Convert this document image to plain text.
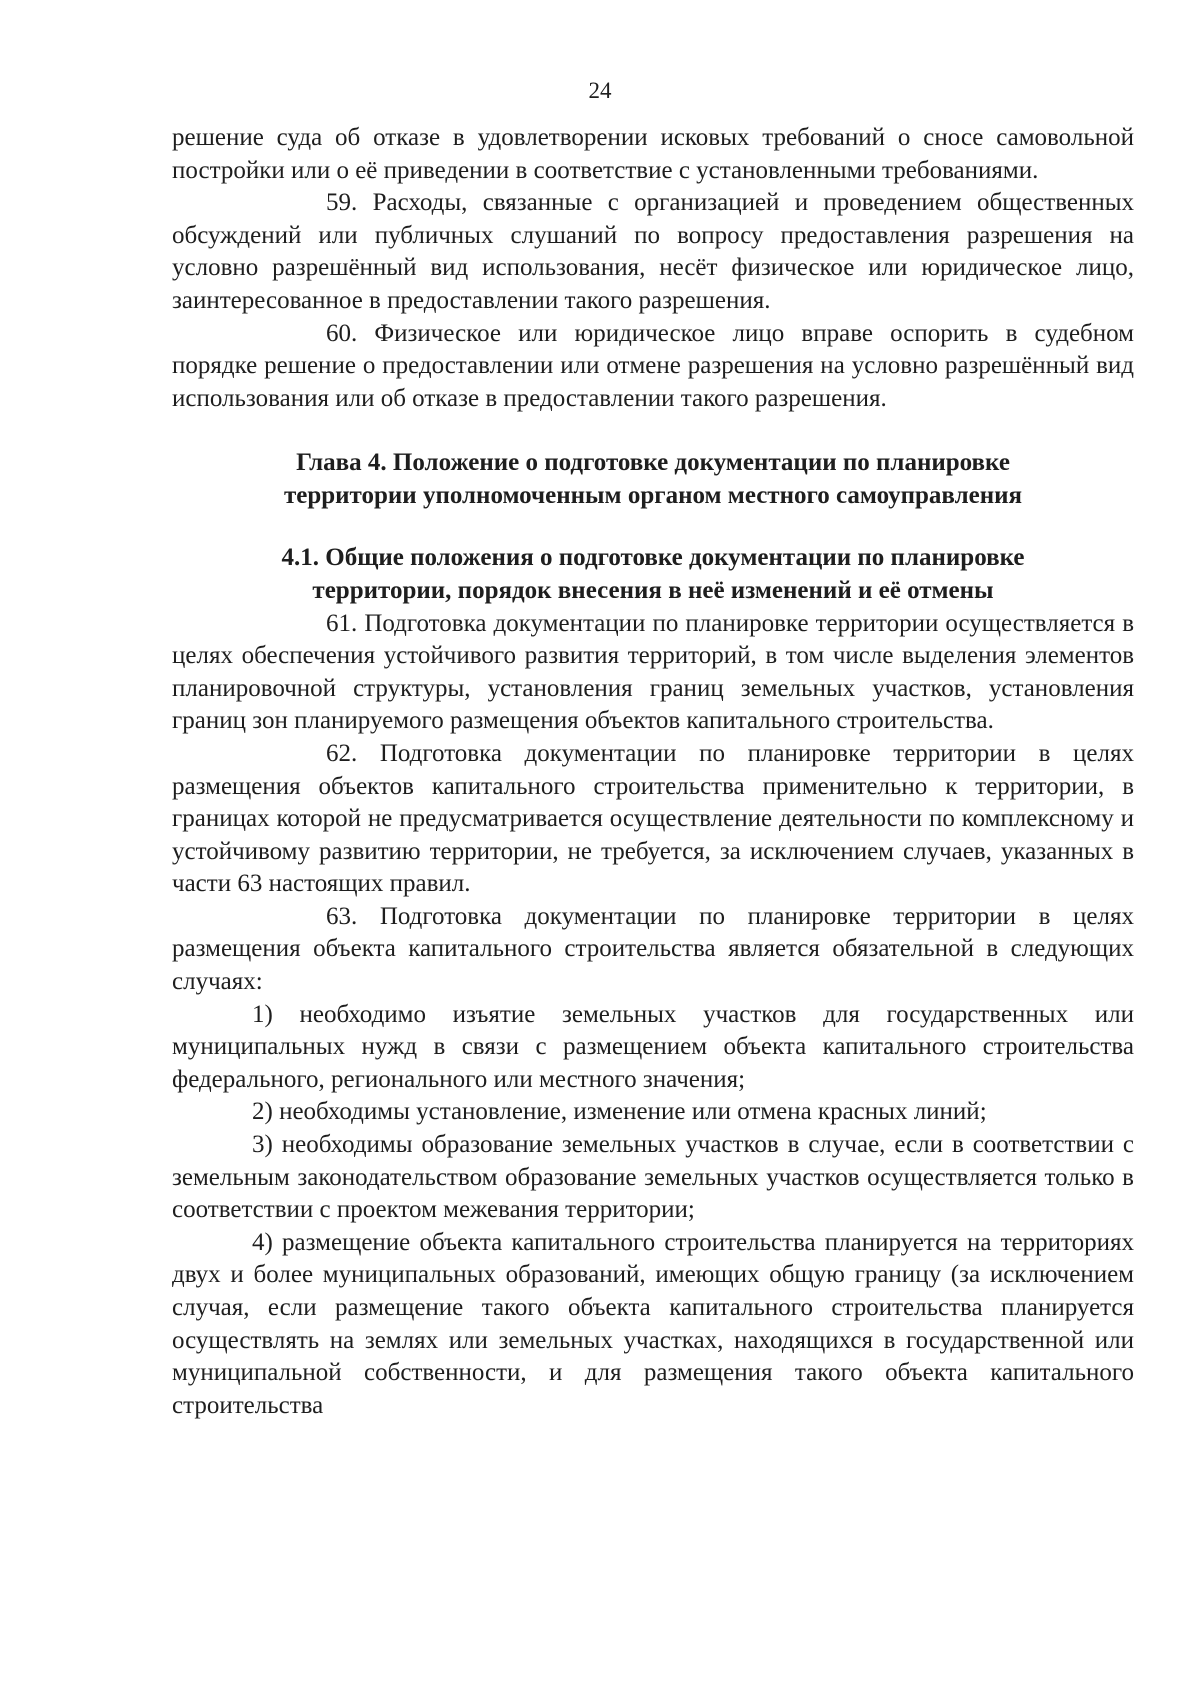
24

решение суда об отказе в удовлетворении исковых требований о сносе самовольной постройки или о её приведении в соответствие с установленными требованиями.

59. Расходы, связанные с организацией и проведением общественных обсуждений или публичных слушаний по вопросу предоставления разрешения на условно разрешённый вид использования, несёт физическое или юридическое лицо, заинтересованное в предоставлении такого разрешения.

60. Физическое или юридическое лицо вправе оспорить в судебном порядке решение о предоставлении или отмене разрешения на условно разрешённый вид использования или об отказе в предоставлении такого разрешения.

Глава 4. Положение о подготовке документации по планировке
территории уполномоченным органом местного самоуправления
4.1. Общие положения о подготовке документации по планировке
территории, порядок внесения в неё изменений и её отмены

61. Подготовка документации по планировке территории осуществляется в целях обеспечения устойчивого развития территорий, в том числе выделения элементов планировочной структуры, установления границ земельных участков, установления границ зон планируемого размещения объектов капитального строительства.

62. Подготовка документации по планировке территории в целях размещения объектов капитального строительства применительно к территории, в границах которой не предусматривается осуществление деятельности по комплексному и устойчивому развитию территории, не требуется, за исключением случаев, указанных в части 63 настоящих правил.

63. Подготовка документации по планировке территории в целях размещения объекта капитального строительства является обязательной в следующих случаях:

1) необходимо изъятие земельных участков для государственных или муниципальных нужд в связи с размещением объекта капитального строительства федерального, регионального или местного значения;

2) необходимы установление, изменение или отмена красных линий;

3) необходимы образование земельных участков в случае, если в соответствии с земельным законодательством образование земельных участков осуществляется только в соответствии с проектом межевания территории;

4) размещение объекта капитального строительства планируется на территориях двух и более муниципальных образований, имеющих общую границу (за исключением случая, если размещение такого объекта капитального строительства планируется осуществлять на землях или земельных участках, находящихся в государственной или муниципальной собственности, и для размещения такого объекта капитального строительства
